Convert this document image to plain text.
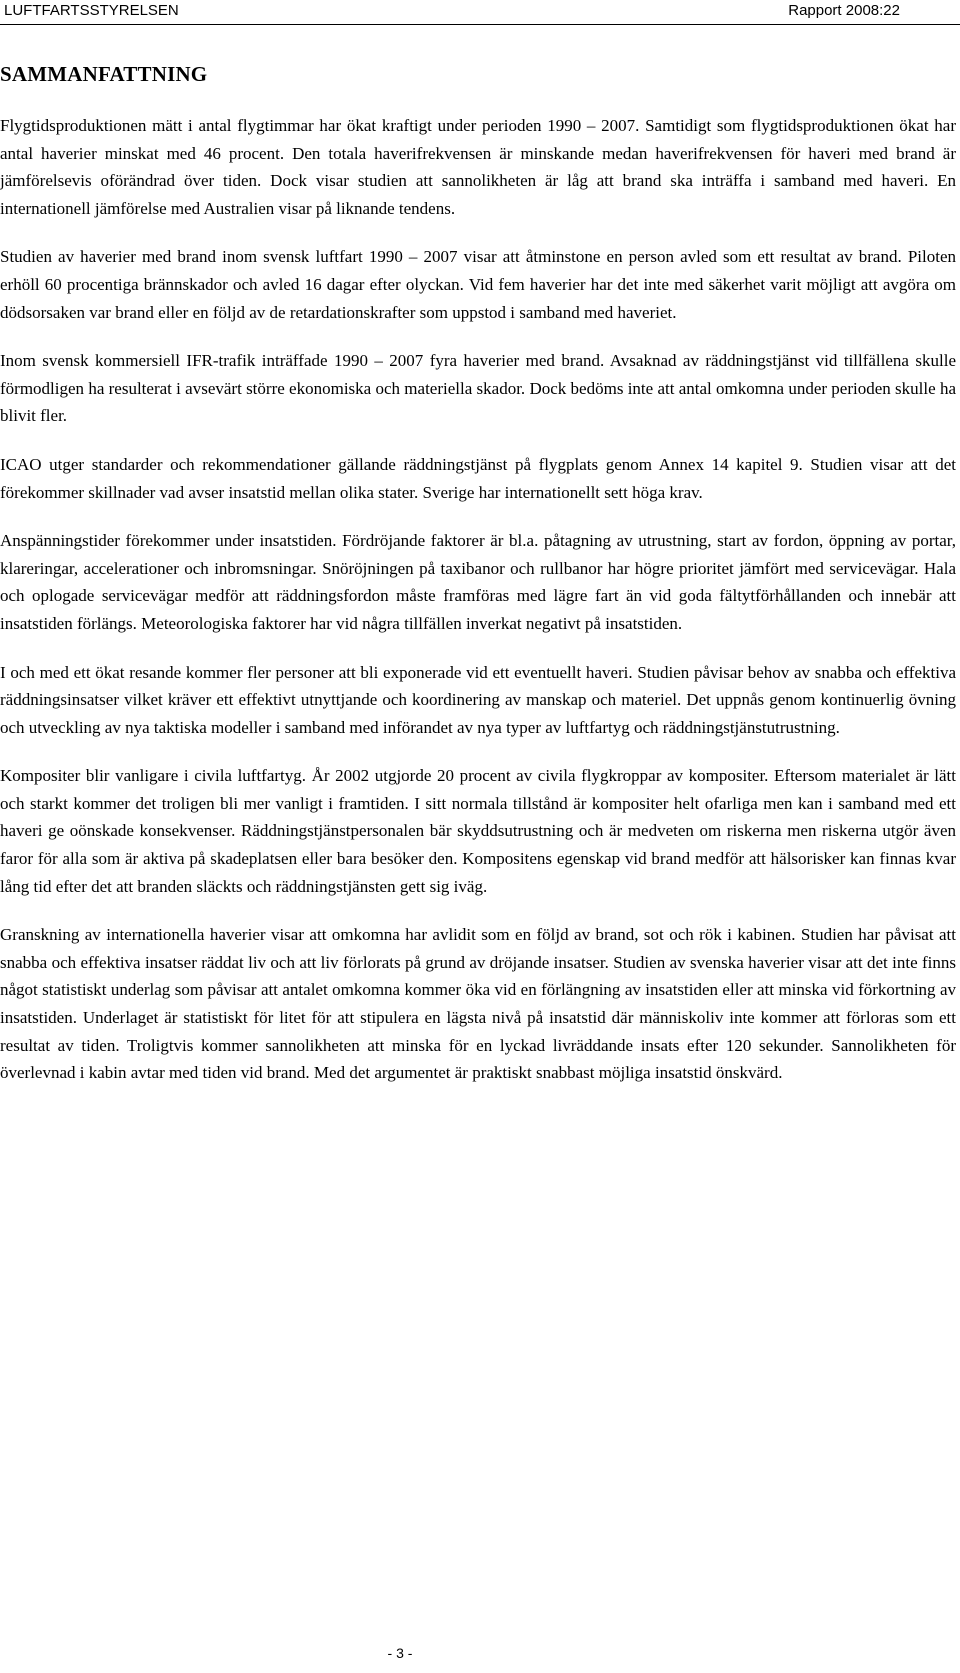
LUFTFARTSSTYRELSEN	Rapport 2008:22
SAMMANFATTNING

Flygtidsproduktionen mätt i antal flygtimmar har ökat kraftigt under perioden 1990 – 2007. Samtidigt som flygtidsproduktionen ökat har antal haverier minskat med 46 procent. Den totala haverifrekvensen är minskande medan haverifrekvensen för haveri med brand är jämförelsevis oförändrad över tiden. Dock visar studien att sannolikheten är låg att brand ska inträffa i samband med haveri. En internationell jämförelse med Australien visar på liknande tendens.

Studien av haverier med brand inom svensk luftfart 1990 – 2007 visar att åtminstone en person avled som ett resultat av brand. Piloten erhöll 60 procentiga brännskador och avled 16 dagar efter olyckan. Vid fem haverier har det inte med säkerhet varit möjligt att avgöra om dödsorsaken var brand eller en följd av de retardationskrafter som uppstod i samband med haveriet.

Inom svensk kommersiell IFR-trafik inträffade 1990 – 2007 fyra haverier med brand. Avsaknad av räddningstjänst vid tillfällena skulle förmodligen ha resulterat i avsevärt större ekonomiska och materiella skador. Dock bedöms inte att antal omkomna under perioden skulle ha blivit fler.

ICAO utger standarder och rekommendationer gällande räddningstjänst på flygplats genom Annex 14 kapitel 9. Studien visar att det förekommer skillnader vad avser insatstid mellan olika stater. Sverige har internationellt sett höga krav.

Anspänningstider förekommer under insatstiden. Fördröjande faktorer är bl.a. påtagning av utrustning, start av fordon, öppning av portar, klareringar, accelerationer och inbromsningar. Snöröjningen på taxibanor och rullbanor har högre prioritet jämfört med servicevägar. Hala och oplogade servicevägar medför att räddningsfordon måste framföras med lägre fart än vid goda fältytförhållanden och innebär att insatstiden förlängs. Meteorologiska faktorer har vid några tillfällen inverkat negativt på insatstiden.

I och med ett ökat resande kommer fler personer att bli exponerade vid ett eventuellt haveri. Studien påvisar behov av snabba och effektiva räddningsinsatser vilket kräver ett effektivt utnyttjande och koordinering av manskap och materiel. Det uppnås genom kontinuerlig övning och utveckling av nya taktiska modeller i samband med införandet av nya typer av luftfartyg och räddningstjänstutrustning.

Kompositer blir vanligare i civila luftfartyg. År 2002 utgjorde 20 procent av civila flygkroppar av kompositer. Eftersom materialet är lätt och starkt kommer det troligen bli mer vanligt i framtiden. I sitt normala tillstånd är kompositer helt ofarliga men kan i samband med ett haveri ge oönskade konsekvenser. Räddningstjänstpersonalen bär skyddsutrustning och är medveten om riskerna men riskerna utgör även faror för alla som är aktiva på skadeplatsen eller bara besöker den. Kompositens egenskap vid brand medför att hälsorisker kan finnas kvar lång tid efter det att branden släckts och räddningstjänsten gett sig iväg.

Granskning av internationella haverier visar att omkomna har avlidit som en följd av brand, sot och rök i kabinen. Studien har påvisat att snabba och effektiva insatser räddat liv och att liv förlorats på grund av dröjande insatser. Studien av svenska haverier visar att det inte finns något statistiskt underlag som påvisar att antalet omkomna kommer öka vid en förlängning av insatstiden eller att minska vid förkortning av insatstiden. Underlaget är statistiskt för litet för att stipulera en lägsta nivå på insatstid där människoliv inte kommer att förloras som ett resultat av tiden. Troligtvis kommer sannolikheten att minska för en lyckad livräddande insats efter 120 sekunder. Sannolikheten för överlevnad i kabin avtar med tiden vid brand. Med det argumentet är praktiskt snabbast möjliga insatstid önskvärd.

- 3 -
